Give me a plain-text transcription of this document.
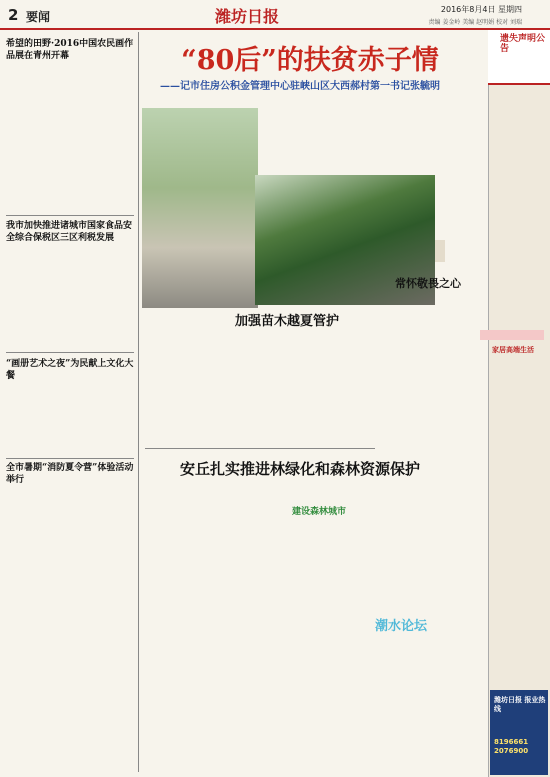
2 要闻	潍坊日报	2016年8月4日 星期四
责编 姜金岭 美编 赵明娟 校对 刘瑞
希望的田野·2016中国农民画作品展在青州开幕
我市加快推进诸城市国家食品安全综合保税区三区利税发展
“画册艺术之夜”为民献上文化大餐
全市暑期“消防夏令营”体验活动举行
“80后”的扶贫赤子情
——记市住房公积金管理中心驻峡山区大西郝村第一书记张毓明
加强苗木越夏管护
常怀敬畏之心
安丘扎实推进林绿化和森林资源保护
建设森林城市
潮水论坛
遗失声明公告
家居高端生活
潍坊日报 报业热线
8196661 2076900
